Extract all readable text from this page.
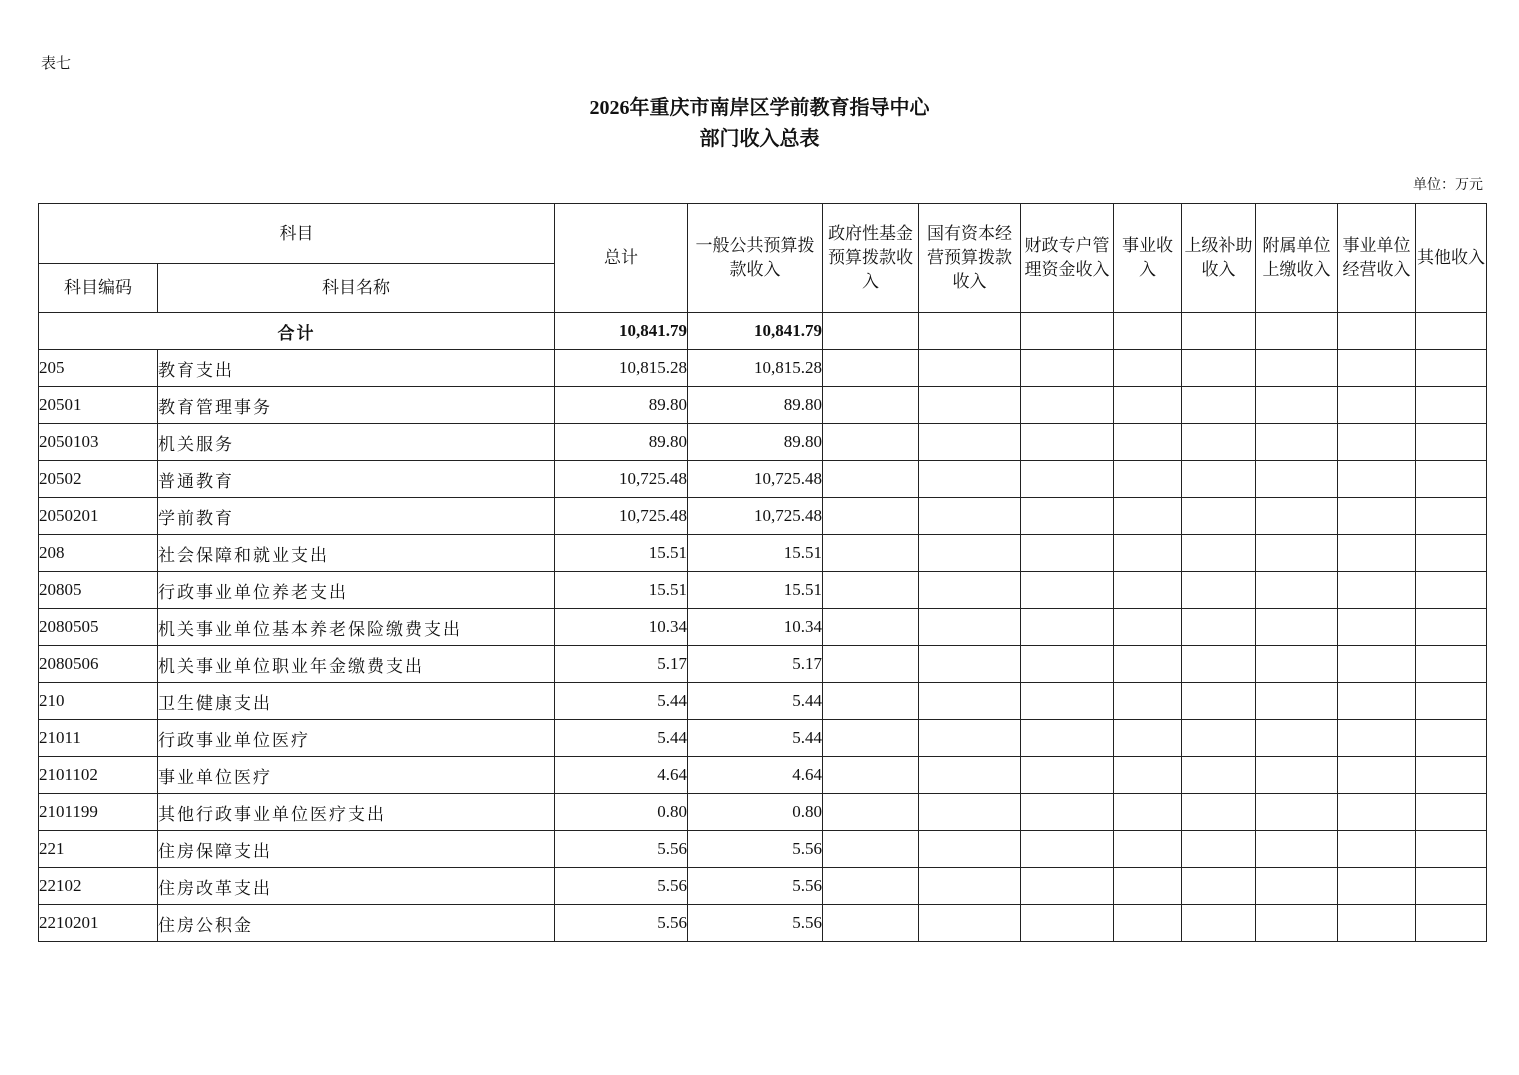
表七
2026年重庆市南岸区学前教育指导中心
部门收入总表
单位：万元
科目		总计	一般公共预算拨款收入	政府性基金预算拨款收入	国有资本经营预算拨款收入	财政专户管理资金收入	事业收入	上级补助收入	附属单位上缴收入	事业单位经营收入	其他收入
科目编码	科目名称										
合计		10,841.79	10,841.79								
205	教育支出	10,815.28	10,815.28								
20501	教育管理事务	89.80	89.80								
2050103	机关服务	89.80	89.80								
20502	普通教育	10,725.48	10,725.48								
2050201	学前教育	10,725.48	10,725.48								
208	社会保障和就业支出	15.51	15.51								
20805	行政事业单位养老支出	15.51	15.51								
2080505	机关事业单位基本养老保险缴费支出	10.34	10.34								
2080506	机关事业单位职业年金缴费支出	5.17	5.17								
210	卫生健康支出	5.44	5.44								
21011	行政事业单位医疗	5.44	5.44								
2101102	事业单位医疗	4.64	4.64								
2101199	其他行政事业单位医疗支出	0.80	0.80								
221	住房保障支出	5.56	5.56								
22102	住房改革支出	5.56	5.56								
2210201	住房公积金	5.56	5.56								
